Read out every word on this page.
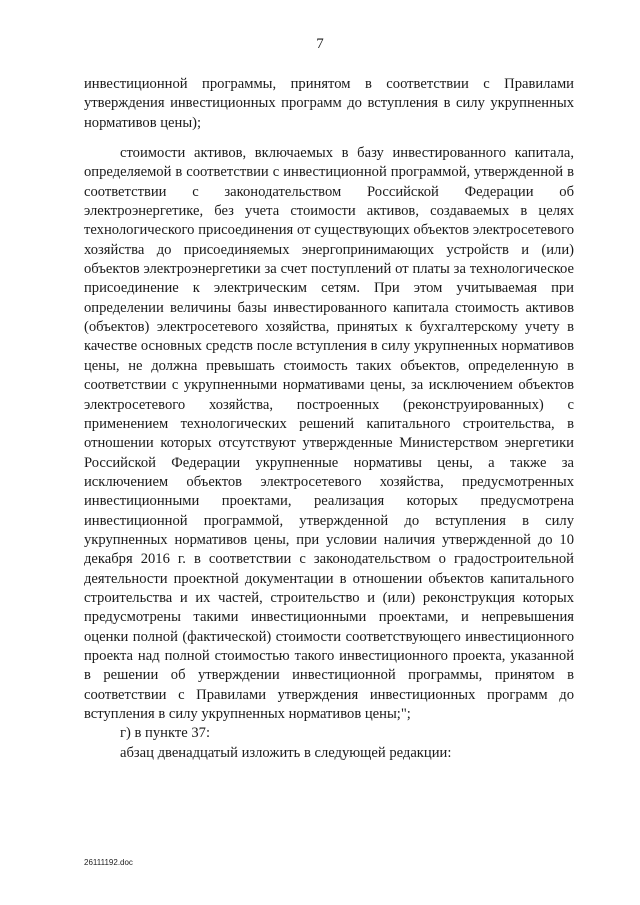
7

инвестиционной программы, принятом в соответствии с Правилами утверждения инвестиционных программ до вступления в силу укрупненных нормативов цены);

стоимости активов, включаемых в базу инвестированного капитала, определяемой в соответствии с инвестиционной программой, утвержденной в соответствии с законодательством Российской Федерации об электроэнергетике, без учета стоимости активов, создаваемых в целях технологического присоединения от существующих объектов электросетевого хозяйства до присоединяемых энергопринимающих устройств и (или) объектов электроэнергетики за счет поступлений от платы за технологическое присоединение к электрическим сетям. При этом учитываемая при определении величины базы инвестированного капитала стоимость активов (объектов) электросетевого хозяйства, принятых к бухгалтерскому учету в качестве основных средств после вступления в силу укрупненных нормативов цены, не должна превышать стоимость таких объектов, определенную в соответствии с укрупненными нормативами цены, за исключением объектов электросетевого хозяйства, построенных (реконструированных) с применением технологических решений капитального строительства, в отношении которых отсутствуют утвержденные Министерством энергетики Российской Федерации укрупненные нормативы цены, а также за исключением объектов электросетевого хозяйства, предусмотренных инвестиционными проектами, реализация которых предусмотрена инвестиционной программой, утвержденной до вступления в силу укрупненных нормативов цены, при условии наличия утвержденной до 10 декабря 2016 г. в соответствии с законодательством о градостроительной деятельности проектной документации в отношении объектов капитального строительства и их частей, строительство и (или) реконструкция которых предусмотрены такими инвестиционными проектами, и непревышения оценки полной (фактической) стоимости соответствующего инвестиционного проекта над полной стоимостью такого инвестиционного проекта, указанной в решении об утверждении инвестиционной программы, принятом в соответствии с Правилами утверждения инвестиционных программ до вступления в силу укрупненных нормативов цены;";

г) в пункте 37:

абзац двенадцатый изложить в следующей редакции:

26111192.doc
